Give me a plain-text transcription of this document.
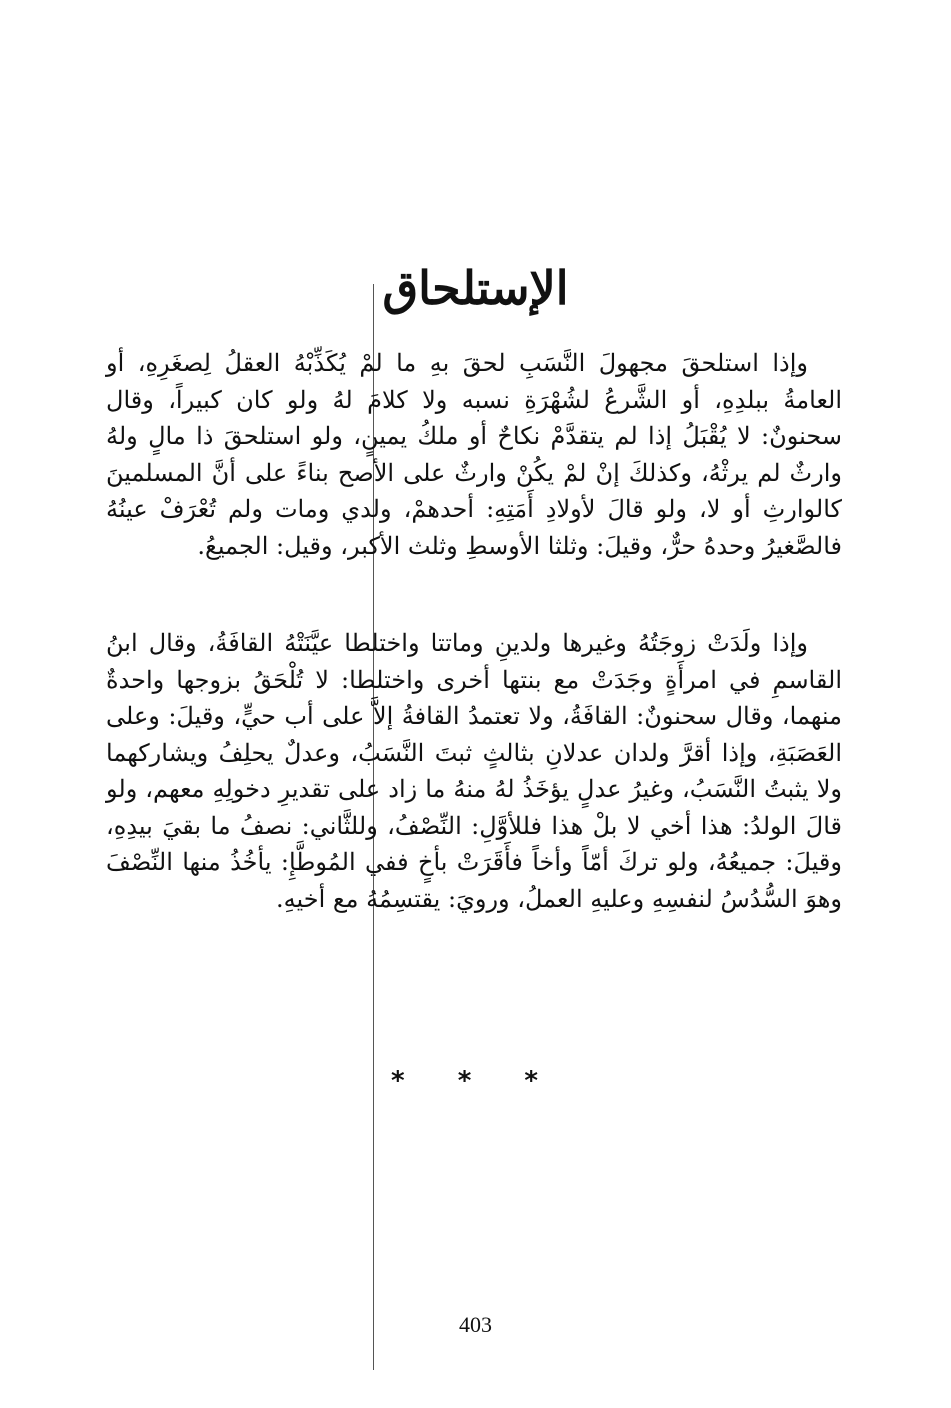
الإستلحاق

وإذا استلحقَ مجهولَ النَّسَبِ لحقَ بهِ ما لمْ يُكَذِّبْهُ العقلُ لِصغَرِهِ، أو العامةُ ببلدِهِ، أو الشَّرعُ لشُهْرَةِ نسبه ولا كلامَ لهُ ولو كان كبيراً، وقال سحنونٌ: لا يُقْبَلُ إذا لم يتقدَّمْ نكاحٌ أو ملكُ يمينٍ، ولو استلحقَ ذا مالٍ ولهُ وارثٌ لم يرثْهُ، وكذلكَ إنْ لمْ يكُنْ وارثٌ على الأصح بناءً على أنَّ المسلمينَ كالوارثِ أو لا، ولو قالَ لأولادِ أَمَتِهِ: أحدهمْ، ولدي ومات ولم تُعْرَفْ عينُهُ فالصَّغيرُ وحدهُ حرٌّ، وقيلَ: وثلثا الأوسطِ وثلث الأكبر، وقيل: الجميعُ.

وإذا ولَدَتْ زوجَتُهُ وغيرها ولدينِ وماتتا واختلطا عيَّنَتْهُ القافَةُ، وقال ابنُ القاسمِ في امرأَةٍ وجَدَتْ مع بنتها أخرى واختلطا: لا تُلْحَقُ بزوجها واحدةٌ منهما، وقال سحنونٌ: القافَةُ، ولا تعتمدُ القافةُ إلاَّ على أب حيٍّ، وقيلَ: وعلى العَصَبَةِ، وإذا أقرَّ ولدان عدلانِ بثالثٍ ثبتَ النَّسَبُ، وعدلٌ يحلِفُ ويشاركهما ولا يثبتُ النَّسَبُ، وغيرُ عدلٍ يؤخَذُ لهُ منهُ ما زاد على تقديرِ دخولِهِ معهم، ولو قالَ الولدُ: هذا أخي لا بلْ هذا فللأوَّلِ: النِّصْفُ، وللثَّاني: نصفُ ما بقيَ بيدِهِ، وقيلَ: جميعُهُ، ولو تركَ أمّاً وأخاً فأَقَرَتْ بأخٍ ففي المُوطَّإِ: يأخُذُ منها النِّصْفَ وهوَ السُّدُسُ لنفسِهِ وعليهِ العملُ، ورويَ: يقتسِمُهُ مع أخيهِ.

* * *
403
